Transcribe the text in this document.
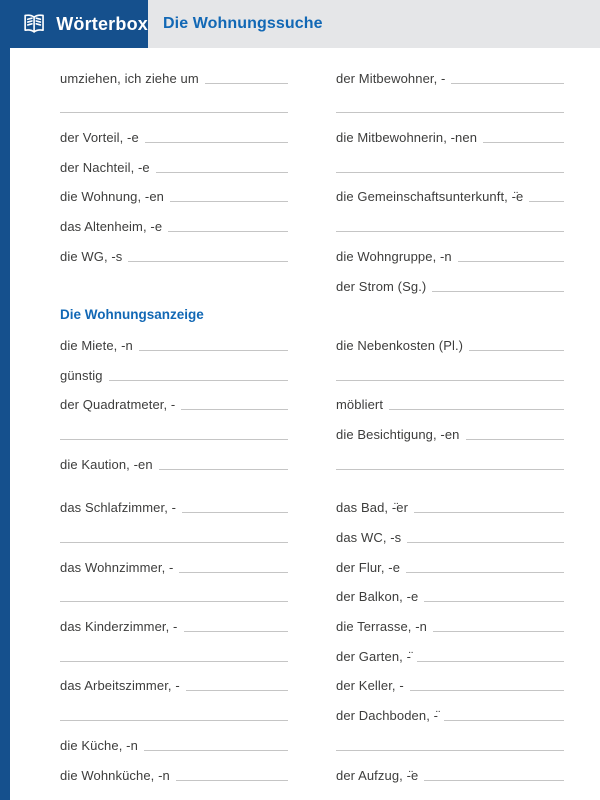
Wörterbox Die Wohnungssuche
umziehen, ich ziehe um
der Vorteil, -e
der Nachteil, -e
die Wohnung, -en
das Altenheim, -e
die WG, -s
Die Wohnungsanzeige
die Miete, -n
günstig
der Quadratmeter, -
die Kaution, -en
das Schlafzimmer, -
das Wohnzimmer, -
das Kinderzimmer, -
das Arbeitszimmer, -
die Küche, -n
die Wohnküche, -n
der Mitbewohner, -
die Mitbewohnerin, -nen
die Gemeinschaftsunterkunft, -̈e
die Wohngruppe, -n
der Strom (Sg.)
die Nebenkosten (Pl.)
möbliert
die Besichtigung, -en
das Bad, -̈er
das WC, -s
der Flur, -e
der Balkon, -e
die Terrasse, -n
der Garten, -̈
der Keller, -
der Dachboden, -̈
der Aufzug, -̈e
